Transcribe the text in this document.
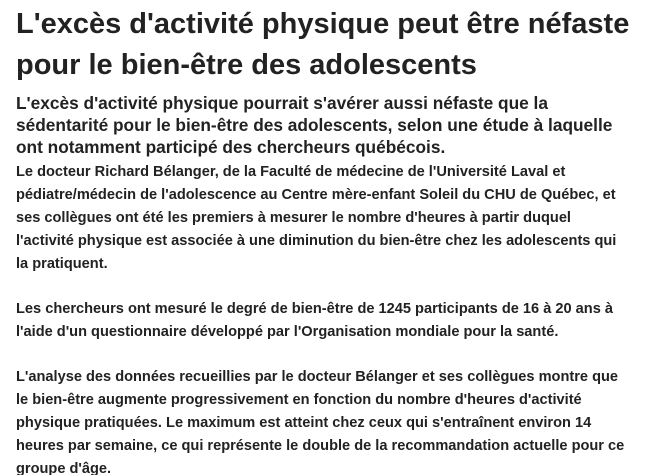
L'excès d'activité physique peut être néfaste pour le bien-être des adolescents
L'excès d'activité physique pourrait s'avérer aussi néfaste que la sédentarité pour le bien-être des adolescents, selon une étude à laquelle ont notamment participé des chercheurs québécois.

Le docteur Richard Bélanger, de la Faculté de médecine de l'Université Laval et pédiatre/médecin de l'adolescence au Centre mère-enfant Soleil du CHU de Québec, et ses collègues ont été les premiers à mesurer le nombre d'heures à partir duquel l'activité physique est associée à une diminution du bien-être chez les adolescents qui la pratiquent.

Les chercheurs ont mesuré le degré de bien-être de 1245 participants de 16 à 20 ans à l'aide d'un questionnaire développé par l'Organisation mondiale pour la santé.

L'analyse des données recueillies par le docteur Bélanger et ses collègues montre que le bien-être augmente progressivement en fonction du nombre d'heures d'activité physique pratiquées. Le maximum est atteint chez ceux qui s'entraînent environ 14 heures par semaine, ce qui représente le double de la recommandation actuelle pour ce groupe d'âge.
